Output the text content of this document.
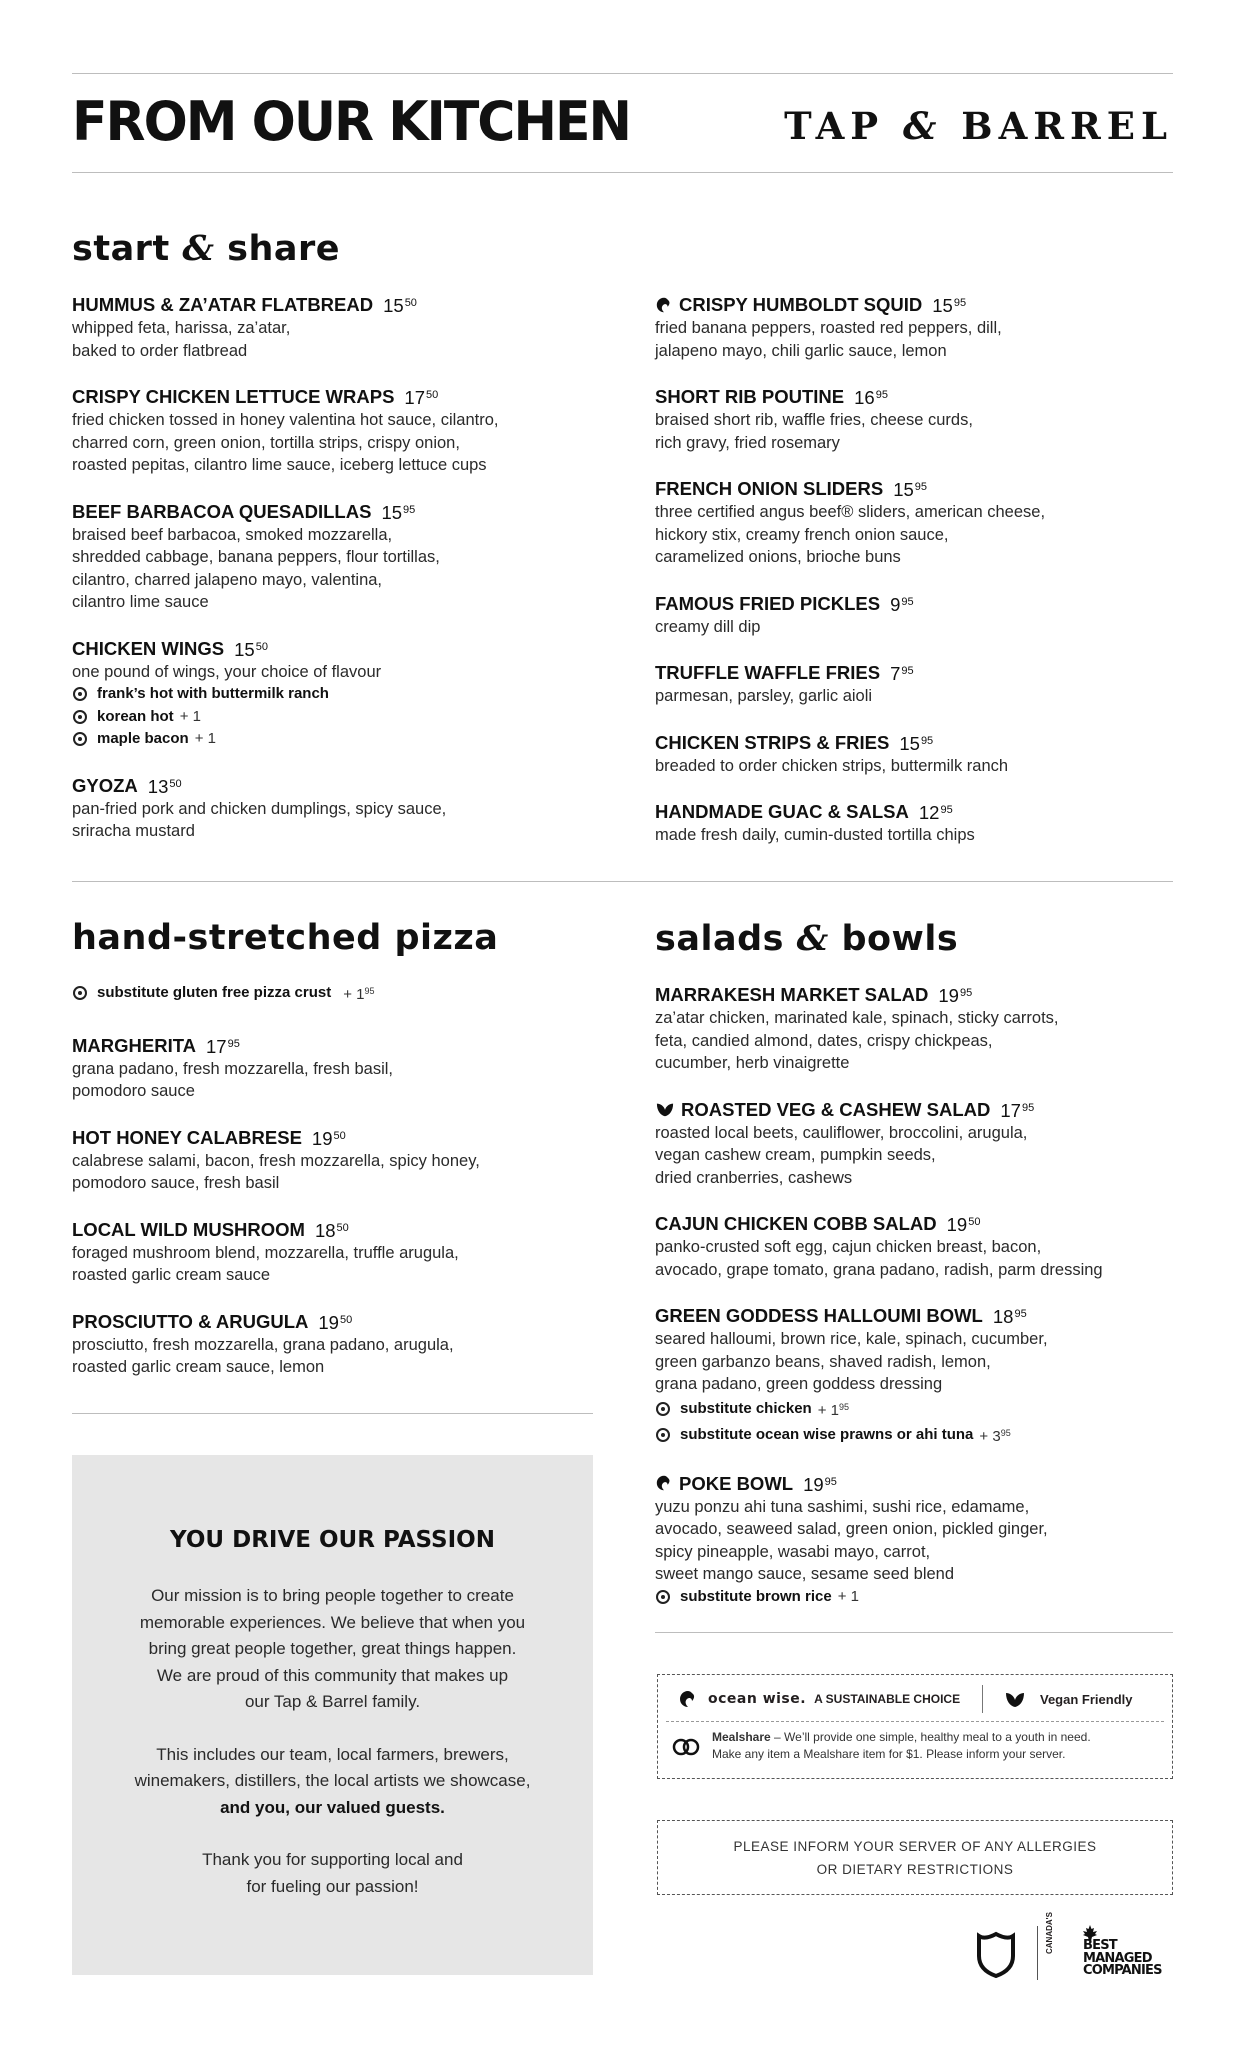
FROM OUR KITCHEN	TAP & BARREL
start & share
HUMMUS & ZA’ATAR FLATBREAD $15^{50}$
whipped feta, harissa, za’atar,
baked to order flatbread
CRISPY CHICKEN LETTUCE WRAPS $17^{50}$
fried chicken tossed in honey valentina hot sauce, cilantro,
charred corn, green onion, tortilla strips, crispy onion,
roasted pepitas, cilantro lime sauce, iceberg lettuce cups
BEEF BARBACOA QUESADILLAS $15^{95}$
braised beef barbacoa, smoked mozzarella,
shredded cabbage, banana peppers, flour tortillas,
cilantro, charred jalapeno mayo, valentina,
cilantro lime sauce
CHICKEN WINGS $15^{50}$
one pound of wings, your choice of flavour
frank’s hot with buttermilk ranch
korean hot + 1
maple bacon + 1
GYOZA $13^{50}$
pan-fried pork and chicken dumplings, spicy sauce,
sriracha mustard
CRISPY HUMBOLDT SQUID $15^{95}$
fried banana peppers, roasted red peppers, dill,
jalapeno mayo, chili garlic sauce, lemon
SHORT RIB POUTINE $16^{95}$
braised short rib, waffle fries, cheese curds,
rich gravy, fried rosemary
FRENCH ONION SLIDERS $15^{95}$
three certified angus beef® sliders, american cheese,
hickory stix, creamy french onion sauce,
caramelized onions, brioche buns
FAMOUS FRIED PICKLES $9^{95}$
creamy dill dip
TRUFFLE WAFFLE FRIES $7^{95}$
parmesan, parsley, garlic aioli
CHICKEN STRIPS & FRIES $15^{95}$
breaded to order chicken strips, buttermilk ranch
HANDMADE GUAC & SALSA $12^{95}$
made fresh daily, cumin-dusted tortilla chips
hand-stretched pizza
substitute gluten free pizza crust + $1^{95}$
MARGHERITA $17^{95}$
grana padano, fresh mozzarella, fresh basil,
pomodoro sauce
HOT HONEY CALABRESE $19^{50}$
calabrese salami, bacon, fresh mozzarella, spicy honey,
pomodoro sauce, fresh basil
LOCAL WILD MUSHROOM $18^{50}$
foraged mushroom blend, mozzarella, truffle arugula,
roasted garlic cream sauce
PROSCIUTTO & ARUGULA $19^{50}$
prosciutto, fresh mozzarella, grana padano, arugula,
roasted garlic cream sauce, lemon
salads & bowls
MARRAKESH MARKET SALAD $19^{95}$
za’atar chicken, marinated kale, spinach, sticky carrots,
feta, candied almond, dates, crispy chickpeas,
cucumber, herb vinaigrette
ROASTED VEG & CASHEW SALAD $17^{95}$
roasted local beets, cauliflower, broccolini, arugula,
vegan cashew cream, pumpkin seeds,
dried cranberries, cashews
CAJUN CHICKEN COBB SALAD $19^{50}$
panko-crusted soft egg, cajun chicken breast, bacon,
avocado, grape tomato, grana padano, radish, parm dressing
GREEN GODDESS HALLOUMI BOWL $18^{95}$
seared halloumi, brown rice, kale, spinach, cucumber,
green garbanzo beans, shaved radish, lemon,
grana padano, green goddess dressing
substitute chicken + $1^{95}$
substitute ocean wise prawns or ahi tuna + $3^{95}$
POKE BOWL $19^{95}$
yuzu ponzu ahi tuna sashimi, sushi rice, edamame,
avocado, seaweed salad, green onion, pickled ginger,
spicy pineapple, wasabi mayo, carrot,
sweet mango sauce, sesame seed blend
substitute brown rice + 1
YOU DRIVE OUR PASSION
Our mission is to bring people together to create
memorable experiences. We believe that when you
bring great people together, great things happen.
We are proud of this community that makes up
our Tap & Barrel family.
This includes our team, local farmers, brewers,
winemakers, distillers, the local artists we showcase,
and you, our valued guests.
Thank you for supporting local and
for fueling our passion!
ocean wise. A SUSTAINABLE CHOICE	Vegan Friendly
Mealshare – We’ll provide one simple, healthy meal to a youth in need.
Make any item a Mealshare item for $1. Please inform your server.
PLEASE INFORM YOUR SERVER OF ANY ALLERGIES
OR DIETARY RESTRICTIONS
CANADA'S BEST
MANAGED
COMPANIES
